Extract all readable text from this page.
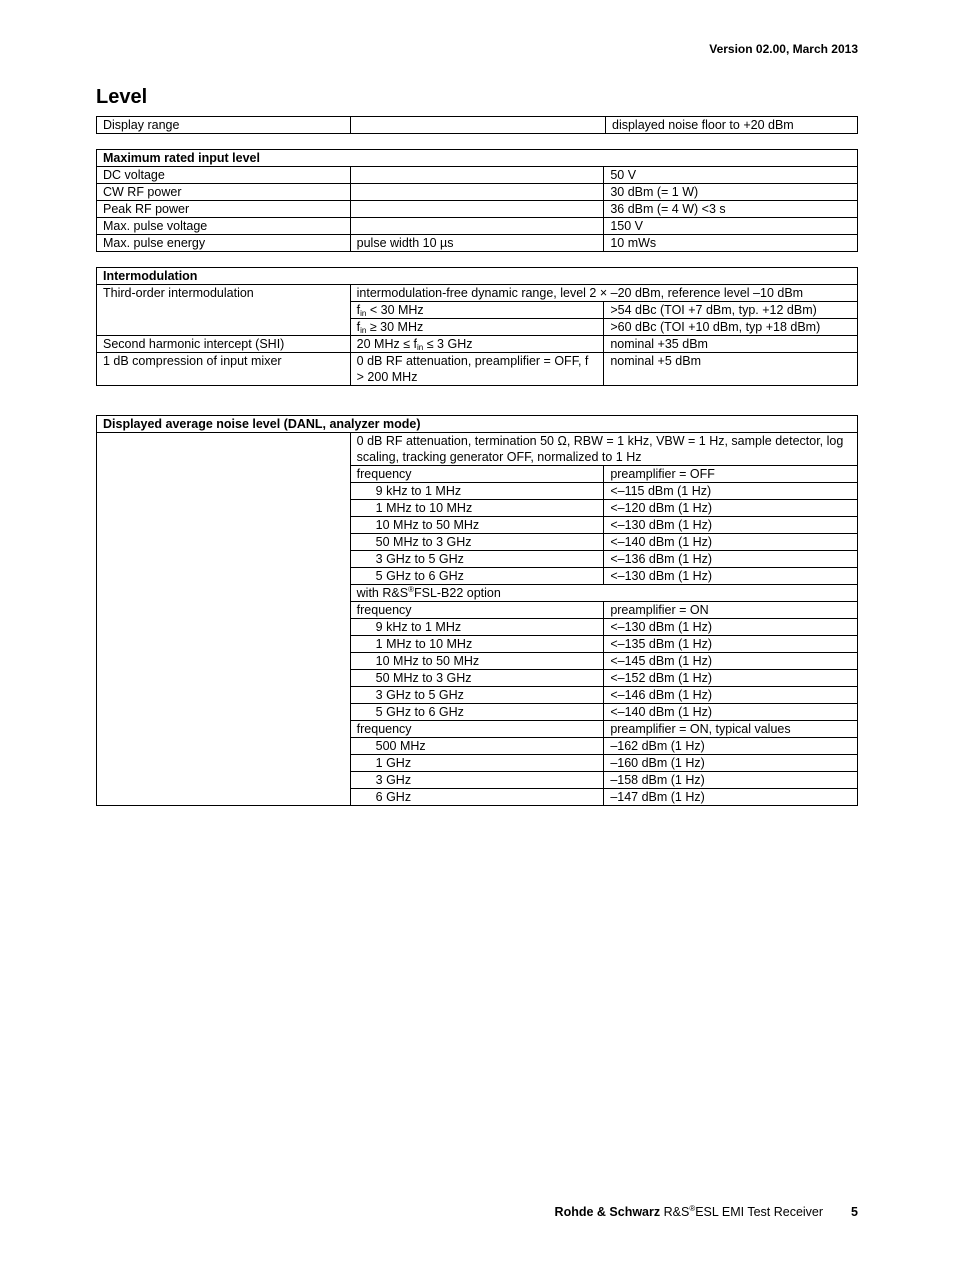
Version 02.00, March 2013
Level
Display range		displayed noise floor to +20 dBm
Maximum rated input level		
DC voltage		50 V
CW RF power		30 dBm (= 1 W)
Peak RF power		36 dBm (= 4 W) <3 s
Max. pulse voltage		150 V
Max. pulse energy	pulse width 10 µs	10 mWs
Intermodulation		
Third-order intermodulation	intermodulation-free dynamic range, level 2 × –20 dBm, reference level –10 dBm	
	$f_{in} < 30$ MHz	>54 dBc (TOI +7 dBm, typ. +12 dBm)
	$f_{in} \ge 30$ MHz	>60 dBc (TOI +10 dBm, typ +18 dBm)
Second harmonic intercept (SHI)	20 MHz ≤ $f_{in} \le 3$ GHz	nominal +35 dBm
1 dB compression of input mixer	0 dB RF attenuation, preamplifier = OFF, f > 200 MHz	nominal +5 dBm
Displayed average noise level (DANL, analyzer mode)		
	0 dB RF attenuation, termination 50 Ω, RBW = 1 kHz, VBW = 1 Hz, sample detector, log scaling, tracking generator OFF, normalized to 1 Hz	
	frequency	preamplifier = OFF
	9 kHz to 1 MHz	<–115 dBm (1 Hz)
	1 MHz to 10 MHz	<–120 dBm (1 Hz)
	10 MHz to 50 MHz	<–130 dBm (1 Hz)
	50 MHz to 3 GHz	<–140 dBm (1 Hz)
	3 GHz to 5 GHz	<–136 dBm (1 Hz)
	5 GHz to 6 GHz	<–130 dBm (1 Hz)
	with R&S®FSL-B22 option	
	frequency	preamplifier = ON
	9 kHz to 1 MHz	<–130 dBm (1 Hz)
	1 MHz to 10 MHz	<–135 dBm (1 Hz)
	10 MHz to 50 MHz	<–145 dBm (1 Hz)
	50 MHz to 3 GHz	<–152 dBm (1 Hz)
	3 GHz to 5 GHz	<–146 dBm (1 Hz)
	5 GHz to 6 GHz	<–140 dBm (1 Hz)
	frequency	preamplifier = ON, typical values
	500 MHz	–162 dBm (1 Hz)
	1 GHz	–160 dBm (1 Hz)
	3 GHz	–158 dBm (1 Hz)
	6 GHz	–147 dBm (1 Hz)
Rohde & Schwarz R&S®ESL EMI Test Receiver 5
